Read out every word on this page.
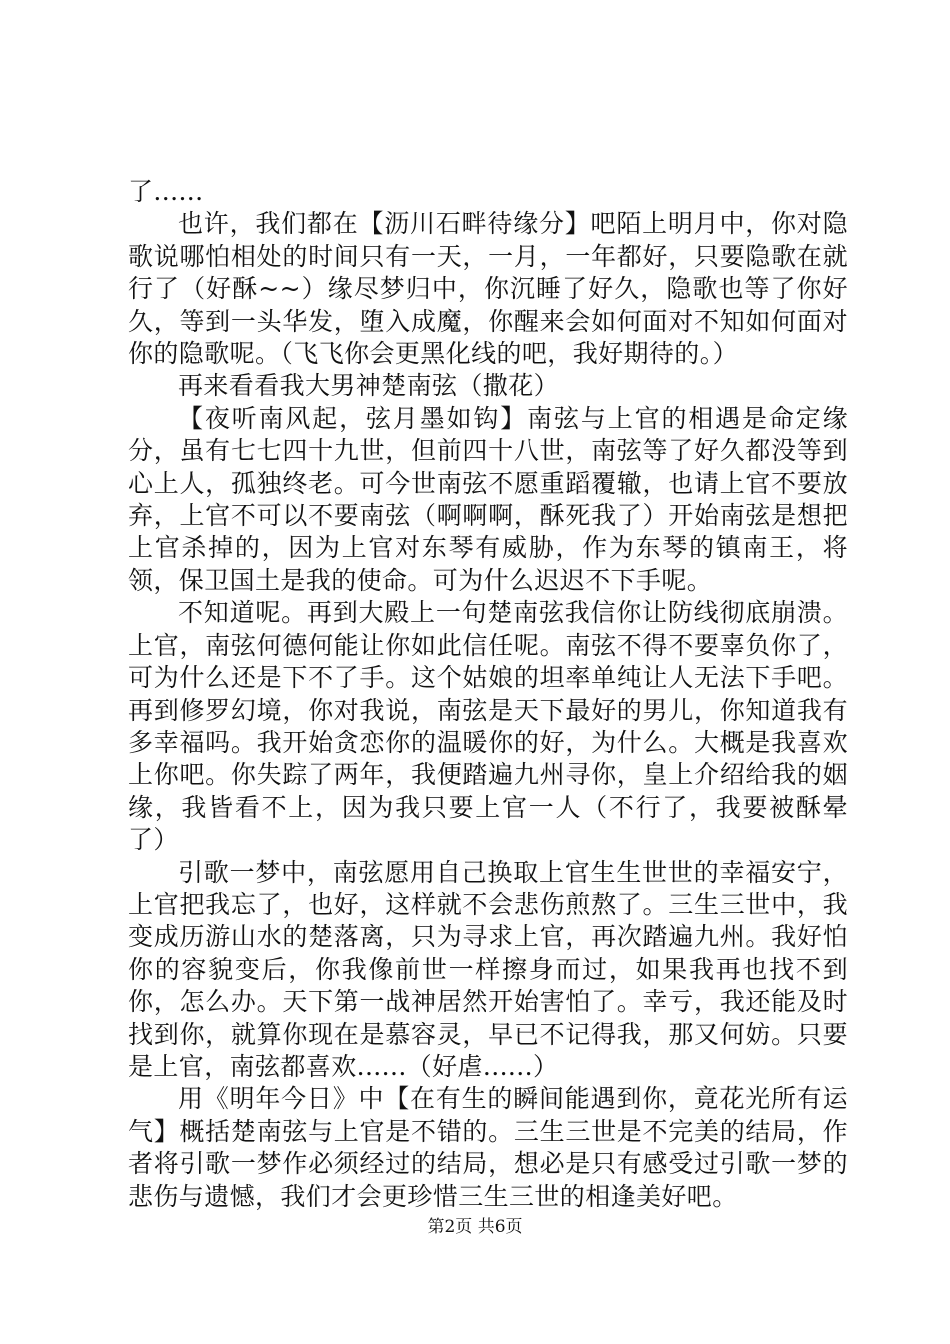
了......

也许，我们都在【沥川石畔待缘分】吧陌上明月中，你对隐歌说哪怕相处的时间只有一天，一月，一年都好，只要隐歌在就行了（好酥~~）缘尽梦归中，你沉睡了好久，隐歌也等了你好久，等到一头华发，堕入成魔，你醒来会如何面对不知如何面对你的隐歌呢。（飞飞你会更黑化线的吧，我好期待的。）

再来看看我大男神楚南弦（撒花）

【夜听南风起，弦月墨如钩】南弦与上官的相遇是命定缘分，虽有七七四十九世，但前四十八世，南弦等了好久都没等到心上人，孤独终老。可今世南弦不愿重蹈覆辙，也请上官不要放弃，上官不可以不要南弦（啊啊啊，酥死我了）开始南弦是想把上官杀掉的，因为上官对东琴有威胁，作为东琴的镇南王，将领，保卫国土是我的使命。可为什么迟迟不下手呢。

不知道呢。再到大殿上一句楚南弦我信你让防线彻底崩溃。上官，南弦何德何能让你如此信任呢。南弦不得不要辜负你了，可为什么还是下不了手。这个姑娘的坦率单纯让人无法下手吧。再到修罗幻境，你对我说，南弦是天下最好的男儿，你知道我有多幸福吗。我开始贪恋你的温暖你的好，为什么。大概是我喜欢上你吧。你失踪了两年，我便踏遍九州寻你，皇上介绍给我的姻缘，我皆看不上，因为我只要上官一人（不行了，我要被酥晕了）

引歌一梦中，南弦愿用自己换取上官生生世世的幸福安宁，上官把我忘了，也好，这样就不会悲伤煎熬了。三生三世中，我变成历游山水的楚落离，只为寻求上官，再次踏遍九州。我好怕你的容貌变后，你我像前世一样擦身而过，如果我再也找不到你，怎么办。天下第一战神居然开始害怕了。幸亏，我还能及时找到你，就算你现在是慕容灵，早已不记得我，那又何妨。只要是上官，南弦都喜欢......（好虐......）

用《明年今日》中【在有生的瞬间能遇到你，竟花光所有运气】概括楚南弦与上官是不错的。三生三世是不完美的结局，作者将引歌一梦作必须经过的结局，想必是只有感受过引歌一梦的悲伤与遗憾，我们才会更珍惜三生三世的相逢美好吧。

第2页 共6页
